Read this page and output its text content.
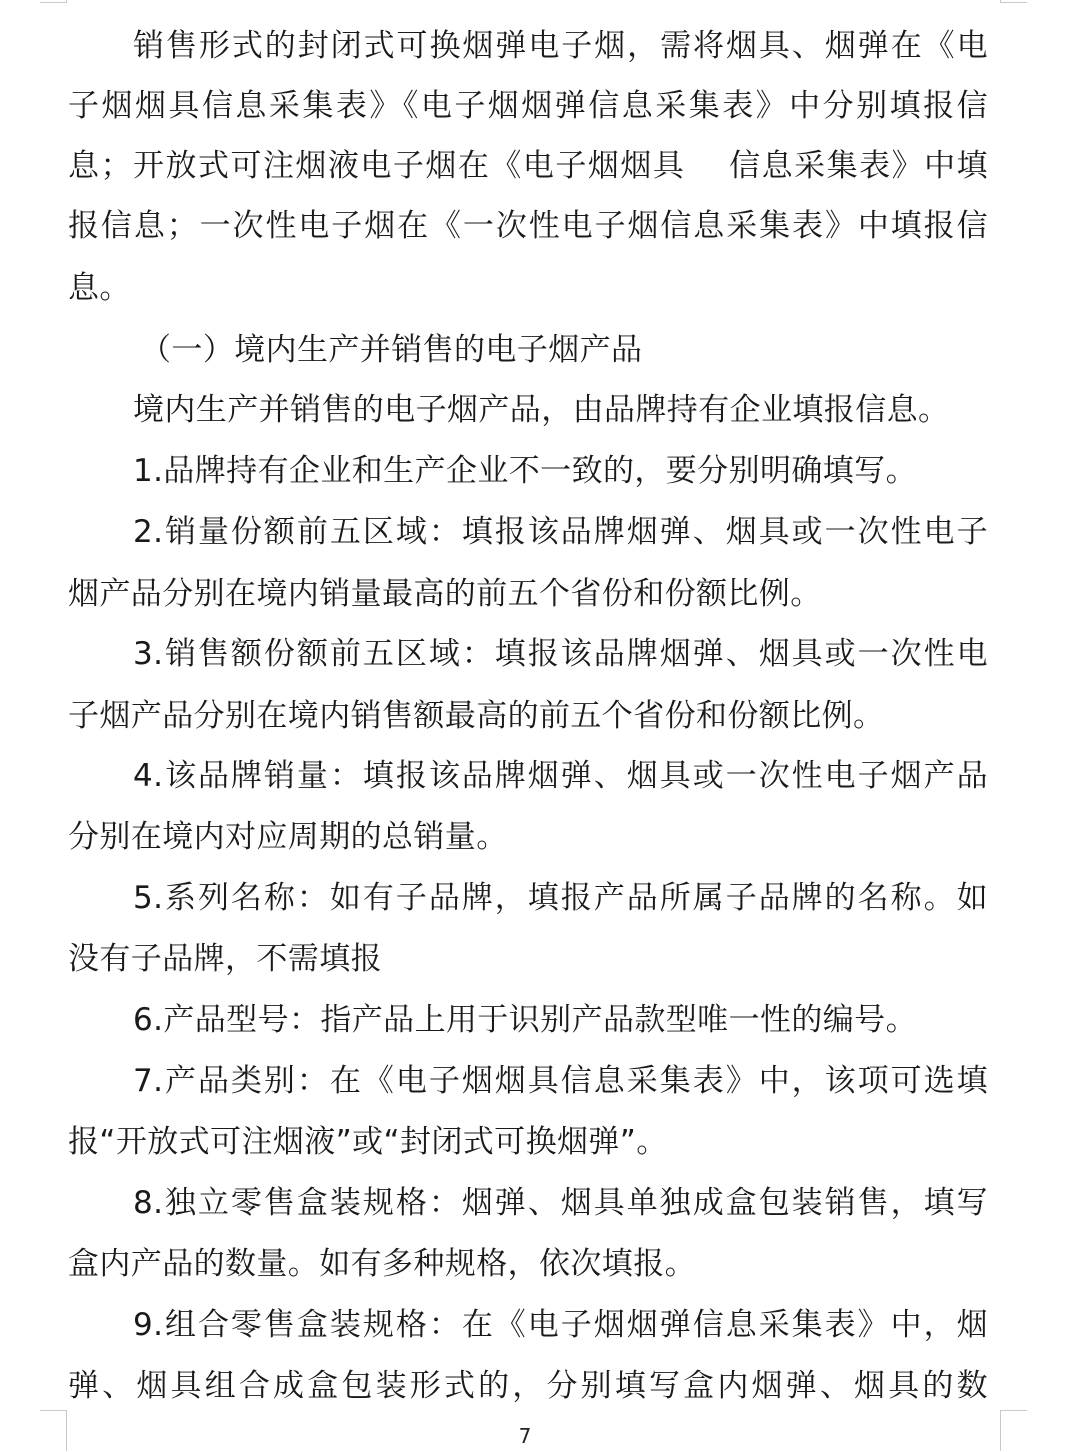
销售形式的封闭式可换烟弹电子烟，需将烟具、烟弹在《电
子烟烟具信息采集表》《电子烟烟弹信息采集表》中分别填报信
息；开放式可注烟液电子烟在《电子烟烟具　 信息采集表》中填
报信息；一次性电子烟在《一次性电子烟信息采集表》中填报信
息。
（一）境内生产并销售的电子烟产品
境内生产并销售的电子烟产品，由品牌持有企业填报信息。
1.品牌持有企业和生产企业不一致的，要分别明确填写。
2.销量份额前五区域：填报该品牌烟弹、烟具或一次性电子
烟产品分别在境内销量最高的前五个省份和份额比例。
3.销售额份额前五区域：填报该品牌烟弹、烟具或一次性电
子烟产品分别在境内销售额最高的前五个省份和份额比例。
4.该品牌销量：填报该品牌烟弹、烟具或一次性电子烟产品
分别在境内对应周期的总销量。
5.系列名称：如有子品牌，填报产品所属子品牌的名称。如
没有子品牌，不需填报
6.产品型号：指产品上用于识别产品款型唯一性的编号。
7.产品类别：在《电子烟烟具信息采集表》中，该项可选填
报“开放式可注烟液”或“封闭式可换烟弹”。
8.独立零售盒装规格：烟弹、烟具单独成盒包装销售，填写
盒内产品的数量。如有多种规格，依次填报。
9.组合零售盒装规格：在《电子烟烟弹信息采集表》中，烟
弹、烟具组合成盒包装形式的，分别填写盒内烟弹、烟具的数
7
